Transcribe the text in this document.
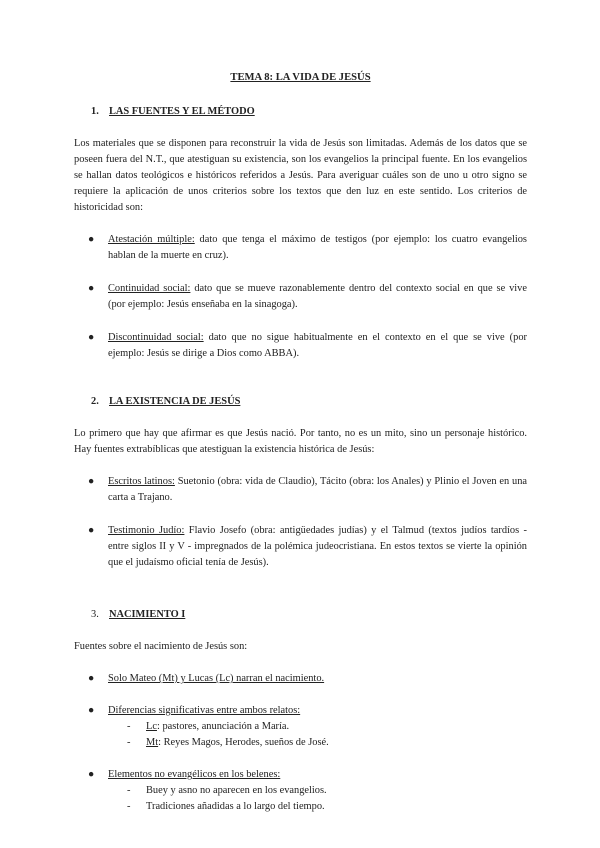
TEMA 8: LA VIDA DE JESÚS
1. LAS FUENTES Y EL MÉTODO

Los materiales que se disponen para reconstruir la vida de Jesús son limitadas. Además de los datos que se poseen fuera del N.T., que atestiguan su existencia, son los evangelios la principal fuente. En los evangelios se hallan datos teológicos e históricos referidos a Jesús. Para averiguar cuáles son de uno u otro signo se requiere la aplicación de unos criterios sobre los textos que den luz en este sentido. Los criterios de historicidad son:

● Atestación múltiple: dato que tenga el máximo de testigos (por ejemplo: los cuatro evangelios hablan de la muerte en cruz).
● Continuidad social: dato que se mueve razonablemente dentro del contexto social en que se vive (por ejemplo: Jesús enseñaba en la sinagoga).
● Discontinuidad social: dato que no sigue habitualmente en el contexto en el que se vive (por ejemplo: Jesús se dirige a Dios como ABBA).
2. LA EXISTENCIA DE JESÚS

Lo primero que hay que afirmar es que Jesús nació. Por tanto, no es un mito, sino un personaje histórico. Hay fuentes extrabíblicas que atestiguan la existencia histórica de Jesús:

● Escritos latinos: Suetonio (obra: vida de Claudio), Tácito (obra: los Anales) y Plinio el Joven en una carta a Trajano.
● Testimonio Judío: Flavio Josefo (obra: antigüedades judías) y el Talmud (textos judíos tardíos - entre siglos II y V - impregnados de la polémica judeocristiana. En estos textos se vierte la opinión que el judaísmo oficial tenía de Jesús).
3. NACIMIENTO I

Fuentes sobre el nacimiento de Jesús son:

● Solo Mateo (Mt) y Lucas (Lc) narran el nacimiento.
● Diferencias significativas entre ambos relatos:
- Lc: pastores, anunciación a María.
- Mt: Reyes Magos, Herodes, sueños de José.
● Elementos no evangélicos en los belenes:
- Buey y asno no aparecen en los evangelios.
- Tradiciones añadidas a lo largo del tiempo.
